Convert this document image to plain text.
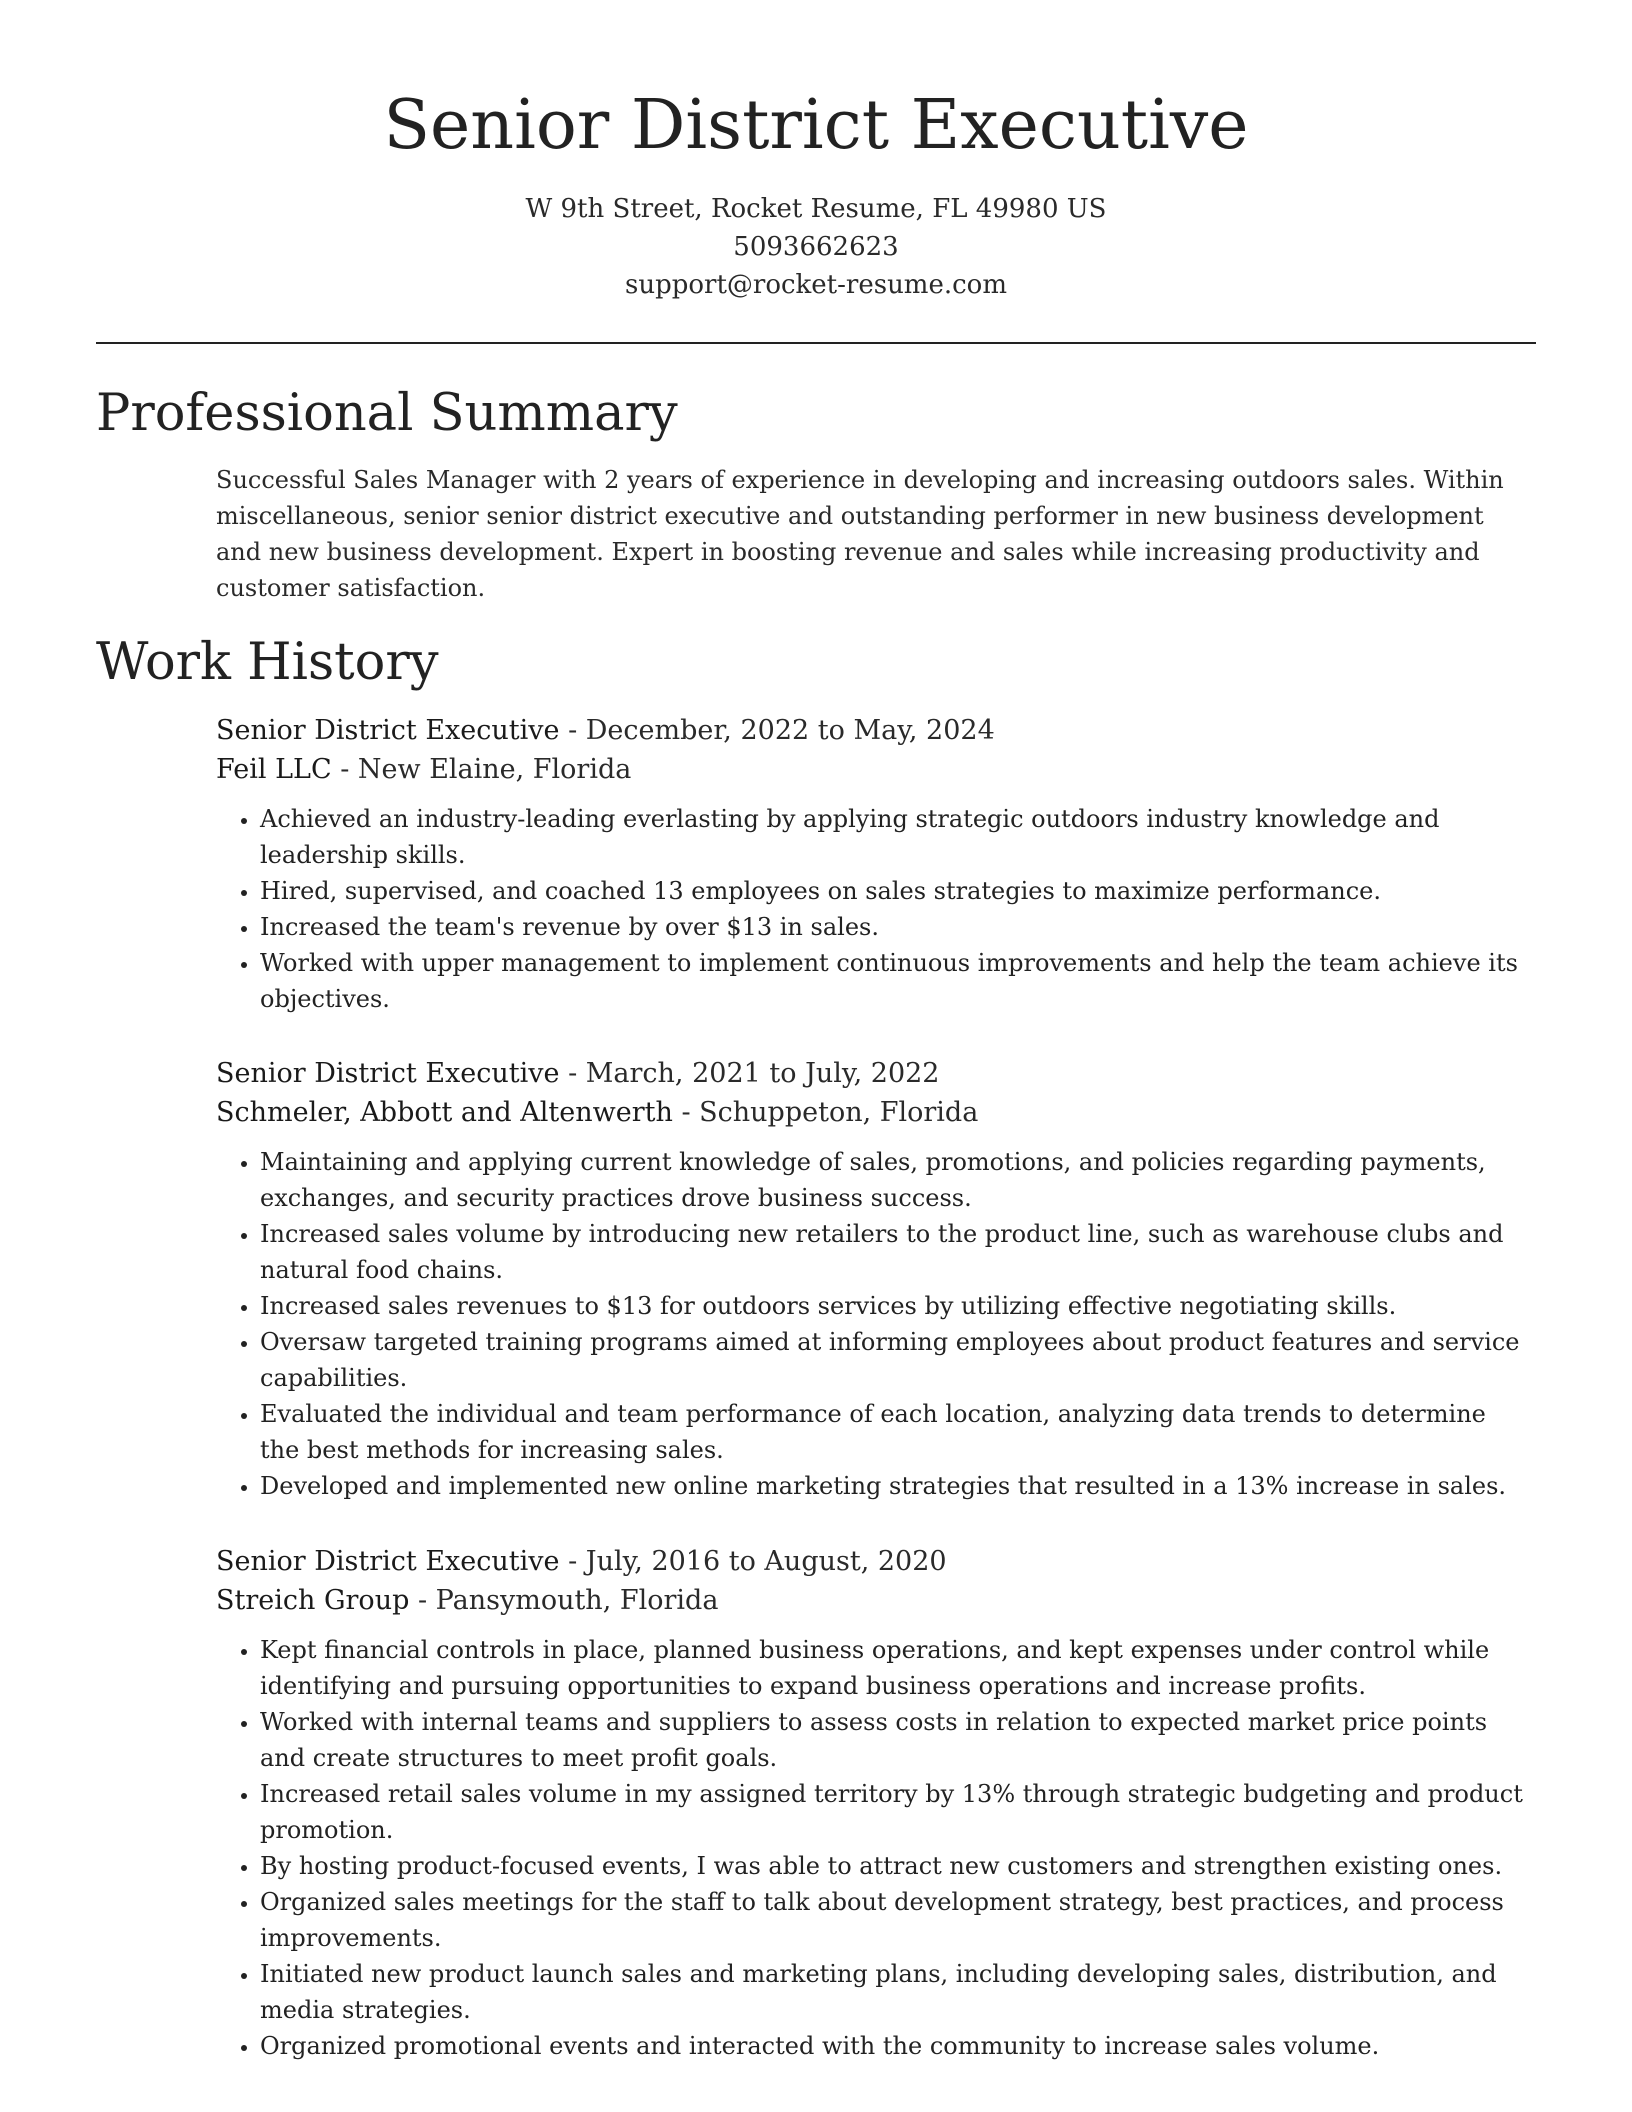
Senior District Executive
W 9th Street, Rocket Resume, FL 49980 US
5093662623
support@rocket-resume.com
Professional Summary

Successful Sales Manager with 2 years of experience in developing and increasing outdoors sales. Within miscellaneous, senior senior district executive and outstanding performer in new business development and new business development. Expert in boosting revenue and sales while increasing productivity and customer satisfaction.

Work History
Senior District Executive - December, 2022 to May, 2024
Feil LLC - New Elaine, Florida
• Achieved an industry-leading everlasting by applying strategic outdoors industry knowledge and leadership skills.
• Hired, supervised, and coached 13 employees on sales strategies to maximize performance.
• Increased the team's revenue by over $13 in sales.
• Worked with upper management to implement continuous improvements and help the team achieve its objectives.
Senior District Executive - March, 2021 to July, 2022
Schmeler, Abbott and Altenwerth - Schuppeton, Florida
• Maintaining and applying current knowledge of sales, promotions, and policies regarding payments, exchanges, and security practices drove business success.
• Increased sales volume by introducing new retailers to the product line, such as warehouse clubs and natural food chains.
• Increased sales revenues to $13 for outdoors services by utilizing effective negotiating skills.
• Oversaw targeted training programs aimed at informing employees about product features and service capabilities.
• Evaluated the individual and team performance of each location, analyzing data trends to determine the best methods for increasing sales.
• Developed and implemented new online marketing strategies that resulted in a 13% increase in sales.
Senior District Executive - July, 2016 to August, 2020
Streich Group - Pansymouth, Florida
• Kept financial controls in place, planned business operations, and kept expenses under control while identifying and pursuing opportunities to expand business operations and increase profits.
• Worked with internal teams and suppliers to assess costs in relation to expected market price points and create structures to meet profit goals.
• Increased retail sales volume in my assigned territory by 13% through strategic budgeting and product promotion.
• By hosting product-focused events, I was able to attract new customers and strengthen existing ones.
• Organized sales meetings for the staff to talk about development strategy, best practices, and process improvements.
• Initiated new product launch sales and marketing plans, including developing sales, distribution, and media strategies.
• Organized promotional events and interacted with the community to increase sales volume.
